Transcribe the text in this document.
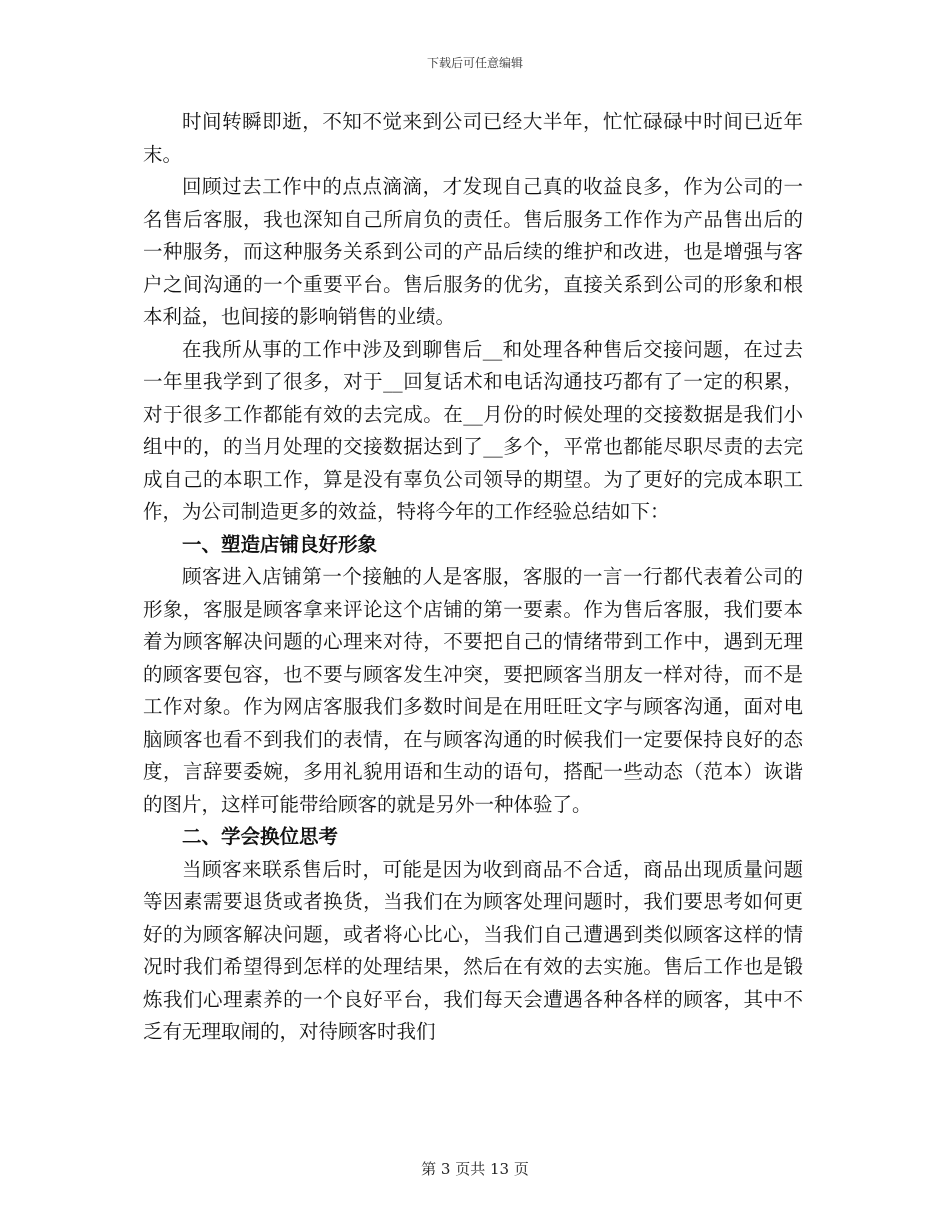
下载后可任意编辑

时间转瞬即逝，不知不觉来到公司已经大半年，忙忙碌碌中时间已近年末。

回顾过去工作中的点点滴滴，才发现自己真的收益良多，作为公司的一名售后客服，我也深知自己所肩负的责任。售后服务工作作为产品售出后的一种服务，而这种服务关系到公司的产品后续的维护和改进，也是增强与客户之间沟通的一个重要平台。售后服务的优劣，直接关系到公司的形象和根本利益，也间接的影响销售的业绩。

在我所从事的工作中涉及到聊售后__和处理各种售后交接问题，在过去一年里我学到了很多，对于__回复话术和电话沟通技巧都有了一定的积累，对于很多工作都能有效的去完成。在__月份的时候处理的交接数据是我们小组中的，的当月处理的交接数据达到了__多个，平常也都能尽职尽责的去完成自己的本职工作，算是没有辜负公司领导的期望。为了更好的完成本职工作，为公司制造更多的效益，特将今年的工作经验总结如下：

一、塑造店铺良好形象

顾客进入店铺第一个接触的人是客服，客服的一言一行都代表着公司的形象，客服是顾客拿来评论这个店铺的第一要素。作为售后客服，我们要本着为顾客解决问题的心理来对待，不要把自己的情绪带到工作中，遇到无理的顾客要包容，也不要与顾客发生冲突，要把顾客当朋友一样对待，而不是工作对象。作为网店客服我们多数时间是在用旺旺文字与顾客沟通，面对电脑顾客也看不到我们的表情，在与顾客沟通的时候我们一定要保持良好的态度，言辞要委婉，多用礼貌用语和生动的语句，搭配一些动态（范本）诙谐的图片，这样可能带给顾客的就是另外一种体验了。

二、学会换位思考

当顾客来联系售后时，可能是因为收到商品不合适，商品出现质量问题等因素需要退货或者换货，当我们在为顾客处理问题时，我们要思考如何更好的为顾客解决问题，或者将心比心，当我们自己遭遇到类似顾客这样的情况时我们希望得到怎样的处理结果，然后在有效的去实施。售后工作也是锻炼我们心理素养的一个良好平台，我们每天会遭遇各种各样的顾客，其中不乏有无理取闹的，对待顾客时我们

第 3 页共 13 页
